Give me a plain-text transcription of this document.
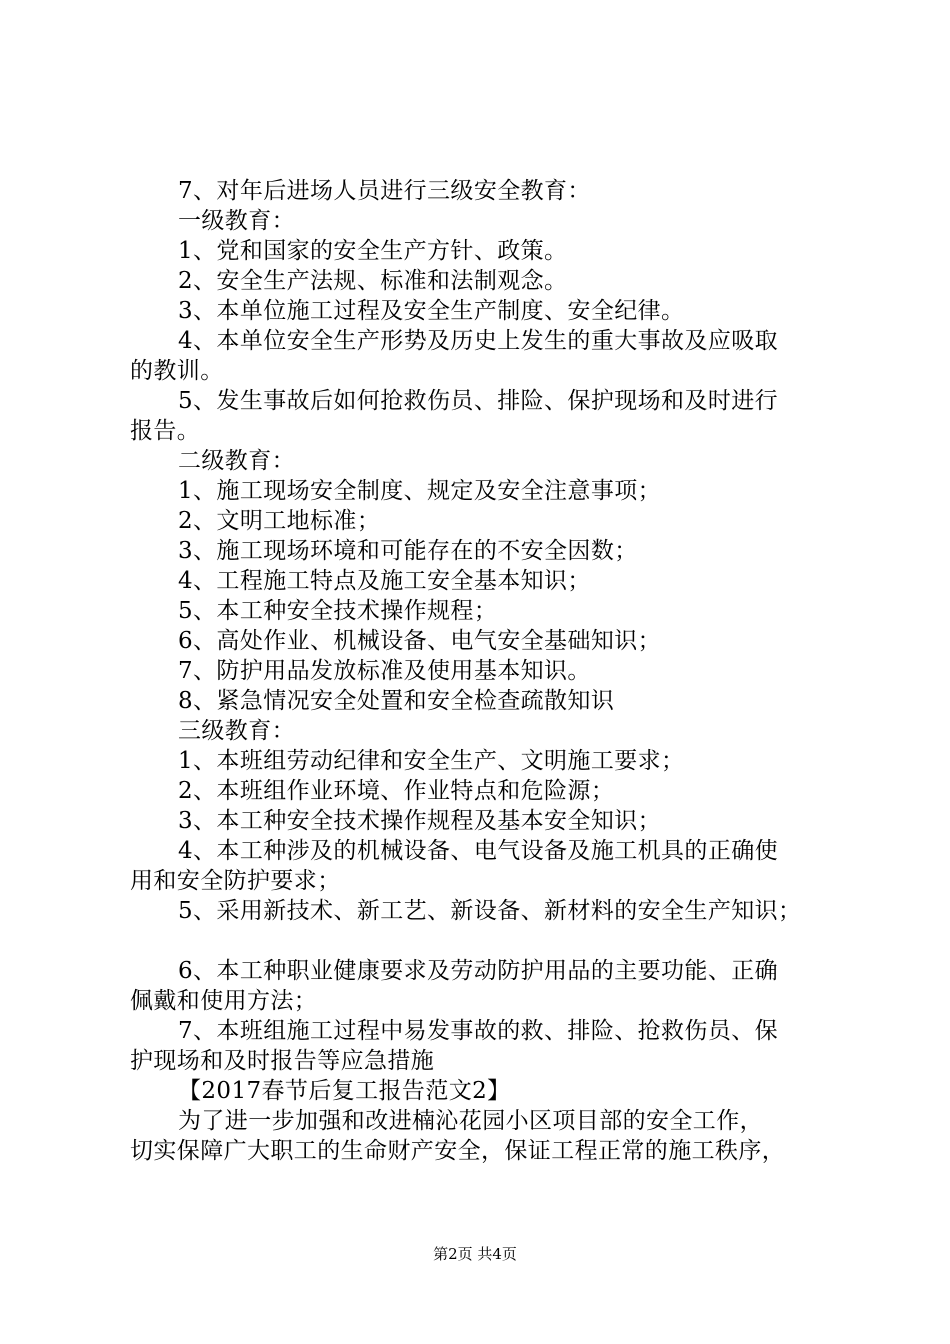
7、对年后进场人员进行三级安全教育：
一级教育：
1、党和国家的安全生产方针、政策。
2、安全生产法规、标准和法制观念。
3、本单位施工过程及安全生产制度、安全纪律。
4、本单位安全生产形势及历史上发生的重大事故及应吸取
的教训。
5、发生事故后如何抢救伤员、排险、保护现场和及时进行
报告。
二级教育：
1、施工现场安全制度、规定及安全注意事项；
2、文明工地标准；
3、施工现场环境和可能存在的不安全因数；
4、工程施工特点及施工安全基本知识；
5、本工种安全技术操作规程；
6、高处作业、机械设备、电气安全基础知识；
7、防护用品发放标准及使用基本知识。
8、紧急情况安全处置和安全检查疏散知识
三级教育：
1、本班组劳动纪律和安全生产、文明施工要求；
2、本班组作业环境、作业特点和危险源；
3、本工种安全技术操作规程及基本安全知识；
4、本工种涉及的机械设备、电气设备及施工机具的正确使
用和安全防护要求；
5、采用新技术、新工艺、新设备、新材料的安全生产知识；
6、本工种职业健康要求及劳动防护用品的主要功能、正确
佩戴和使用方法；
7、本班组施工过程中易发事故的救、排险、抢救伤员、保
护现场和及时报告等应急措施
【2017春节后复工报告范文2】
为了进一步加强和改进楠沁花园小区项目部的安全工作，
切实保障广大职工的生命财产安全，保证工程正常的施工秩序，
第2页 共4页
